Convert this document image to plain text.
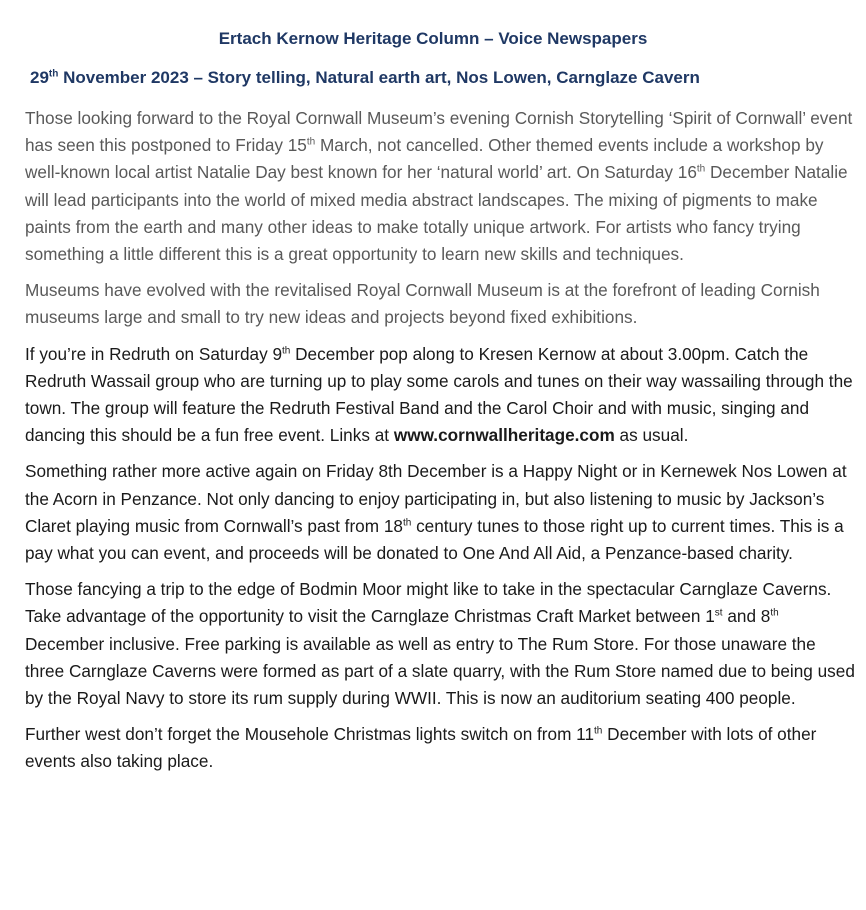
Ertach Kernow Heritage Column – Voice Newspapers
29th November 2023 – Story telling, Natural earth art, Nos Lowen, Carnglaze Cavern

Those looking forward to the Royal Cornwall Museum’s evening Cornish Storytelling ‘Spirit of Cornwall’ event has seen this postponed to Friday 15th March, not cancelled. Other themed events include a workshop by well-known local artist Natalie Day best known for her ‘natural world’ art. On Saturday 16th December Natalie will lead participants into the world of mixed media abstract landscapes. The mixing of pigments to make paints from the earth and many other ideas to make totally unique artwork. For artists who fancy trying something a little different this is a great opportunity to learn new skills and techniques.

Museums have evolved with the revitalised Royal Cornwall Museum is at the forefront of leading Cornish museums large and small to try new ideas and projects beyond fixed exhibitions.

If you’re in Redruth on Saturday 9th December pop along to Kresen Kernow at about 3.00pm. Catch the Redruth Wassail group who are turning up to play some carols and tunes on their way wassailing through the town. The group will feature the Redruth Festival Band and the Carol Choir and with music, singing and dancing this should be a fun free event. Links at www.cornwallheritage.com as usual.

Something rather more active again on Friday 8th December is a Happy Night or in Kernewek Nos Lowen at the Acorn in Penzance. Not only dancing to enjoy participating in, but also listening to music by Jackson’s Claret playing music from Cornwall’s past from 18th century tunes to those right up to current times. This is a pay what you can event, and proceeds will be donated to One And All Aid, a Penzance-based charity.

Those fancying a trip to the edge of Bodmin Moor might like to take in the spectacular Carnglaze Caverns. Take advantage of the opportunity to visit the Carnglaze Christmas Craft Market between 1st and 8th December inclusive. Free parking is available as well as entry to The Rum Store. For those unaware the three Carnglaze Caverns were formed as part of a slate quarry, with the Rum Store named due to being used by the Royal Navy to store its rum supply during WWII. This is now an auditorium seating 400 people.

Further west don’t forget the Mousehole Christmas lights switch on from 11th December with lots of other events also taking place.
